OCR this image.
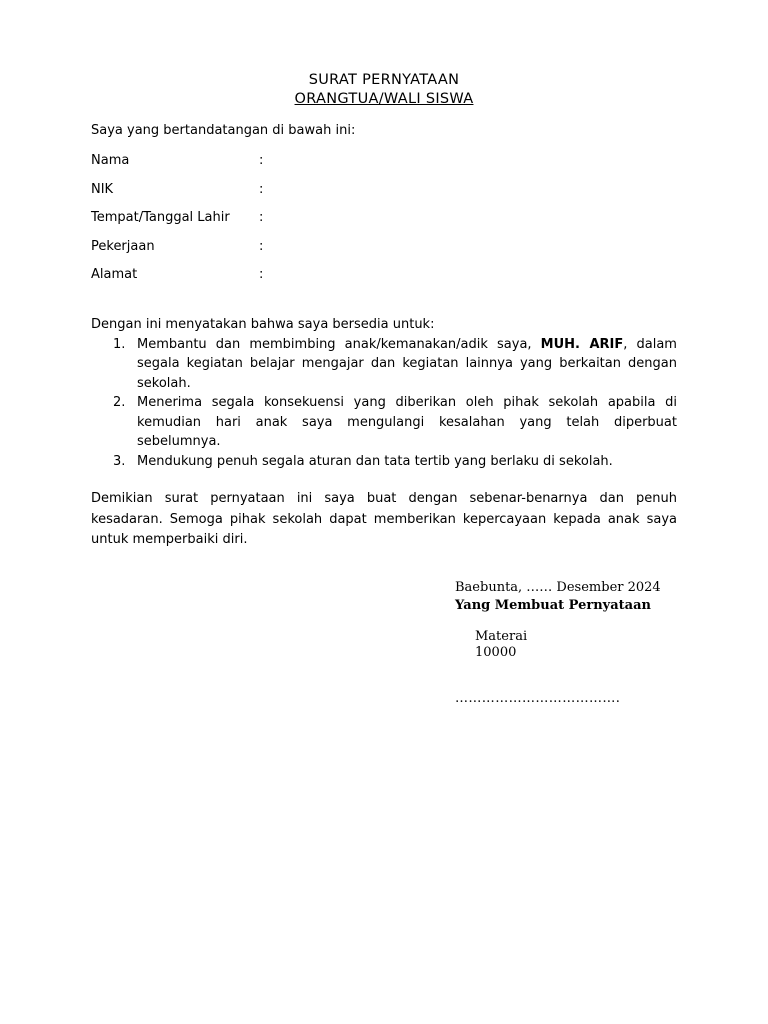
SURAT PERNYATAAN
ORANGTUA/WALI SISWA

Saya yang bertandatangan di bawah ini:

Nama	:
NIK	:
Tempat/Tanggal Lahir	:
Pekerjaan	:
Alamat	:

Dengan ini menyatakan bahwa saya bersedia untuk:

1. Membantu dan membimbing anak/kemanakan/adik saya, MUH. ARIF, dalam segala kegiatan belajar mengajar dan kegiatan lainnya yang berkaitan dengan sekolah.
2. Menerima segala konsekuensi yang diberikan oleh pihak sekolah apabila di kemudian hari anak saya mengulangi kesalahan yang telah diperbuat sebelumnya.
3. Mendukung penuh segala aturan dan tata tertib yang berlaku di sekolah.

Demikian surat pernyataan ini saya buat dengan sebenar-benarnya dan penuh kesadaran. Semoga pihak sekolah dapat memberikan kepercayaan kepada anak saya untuk memperbaiki diri.

Baebunta, …… Desember 2024
Yang Membuat Pernyataan
Materai
10000
……………………………….
